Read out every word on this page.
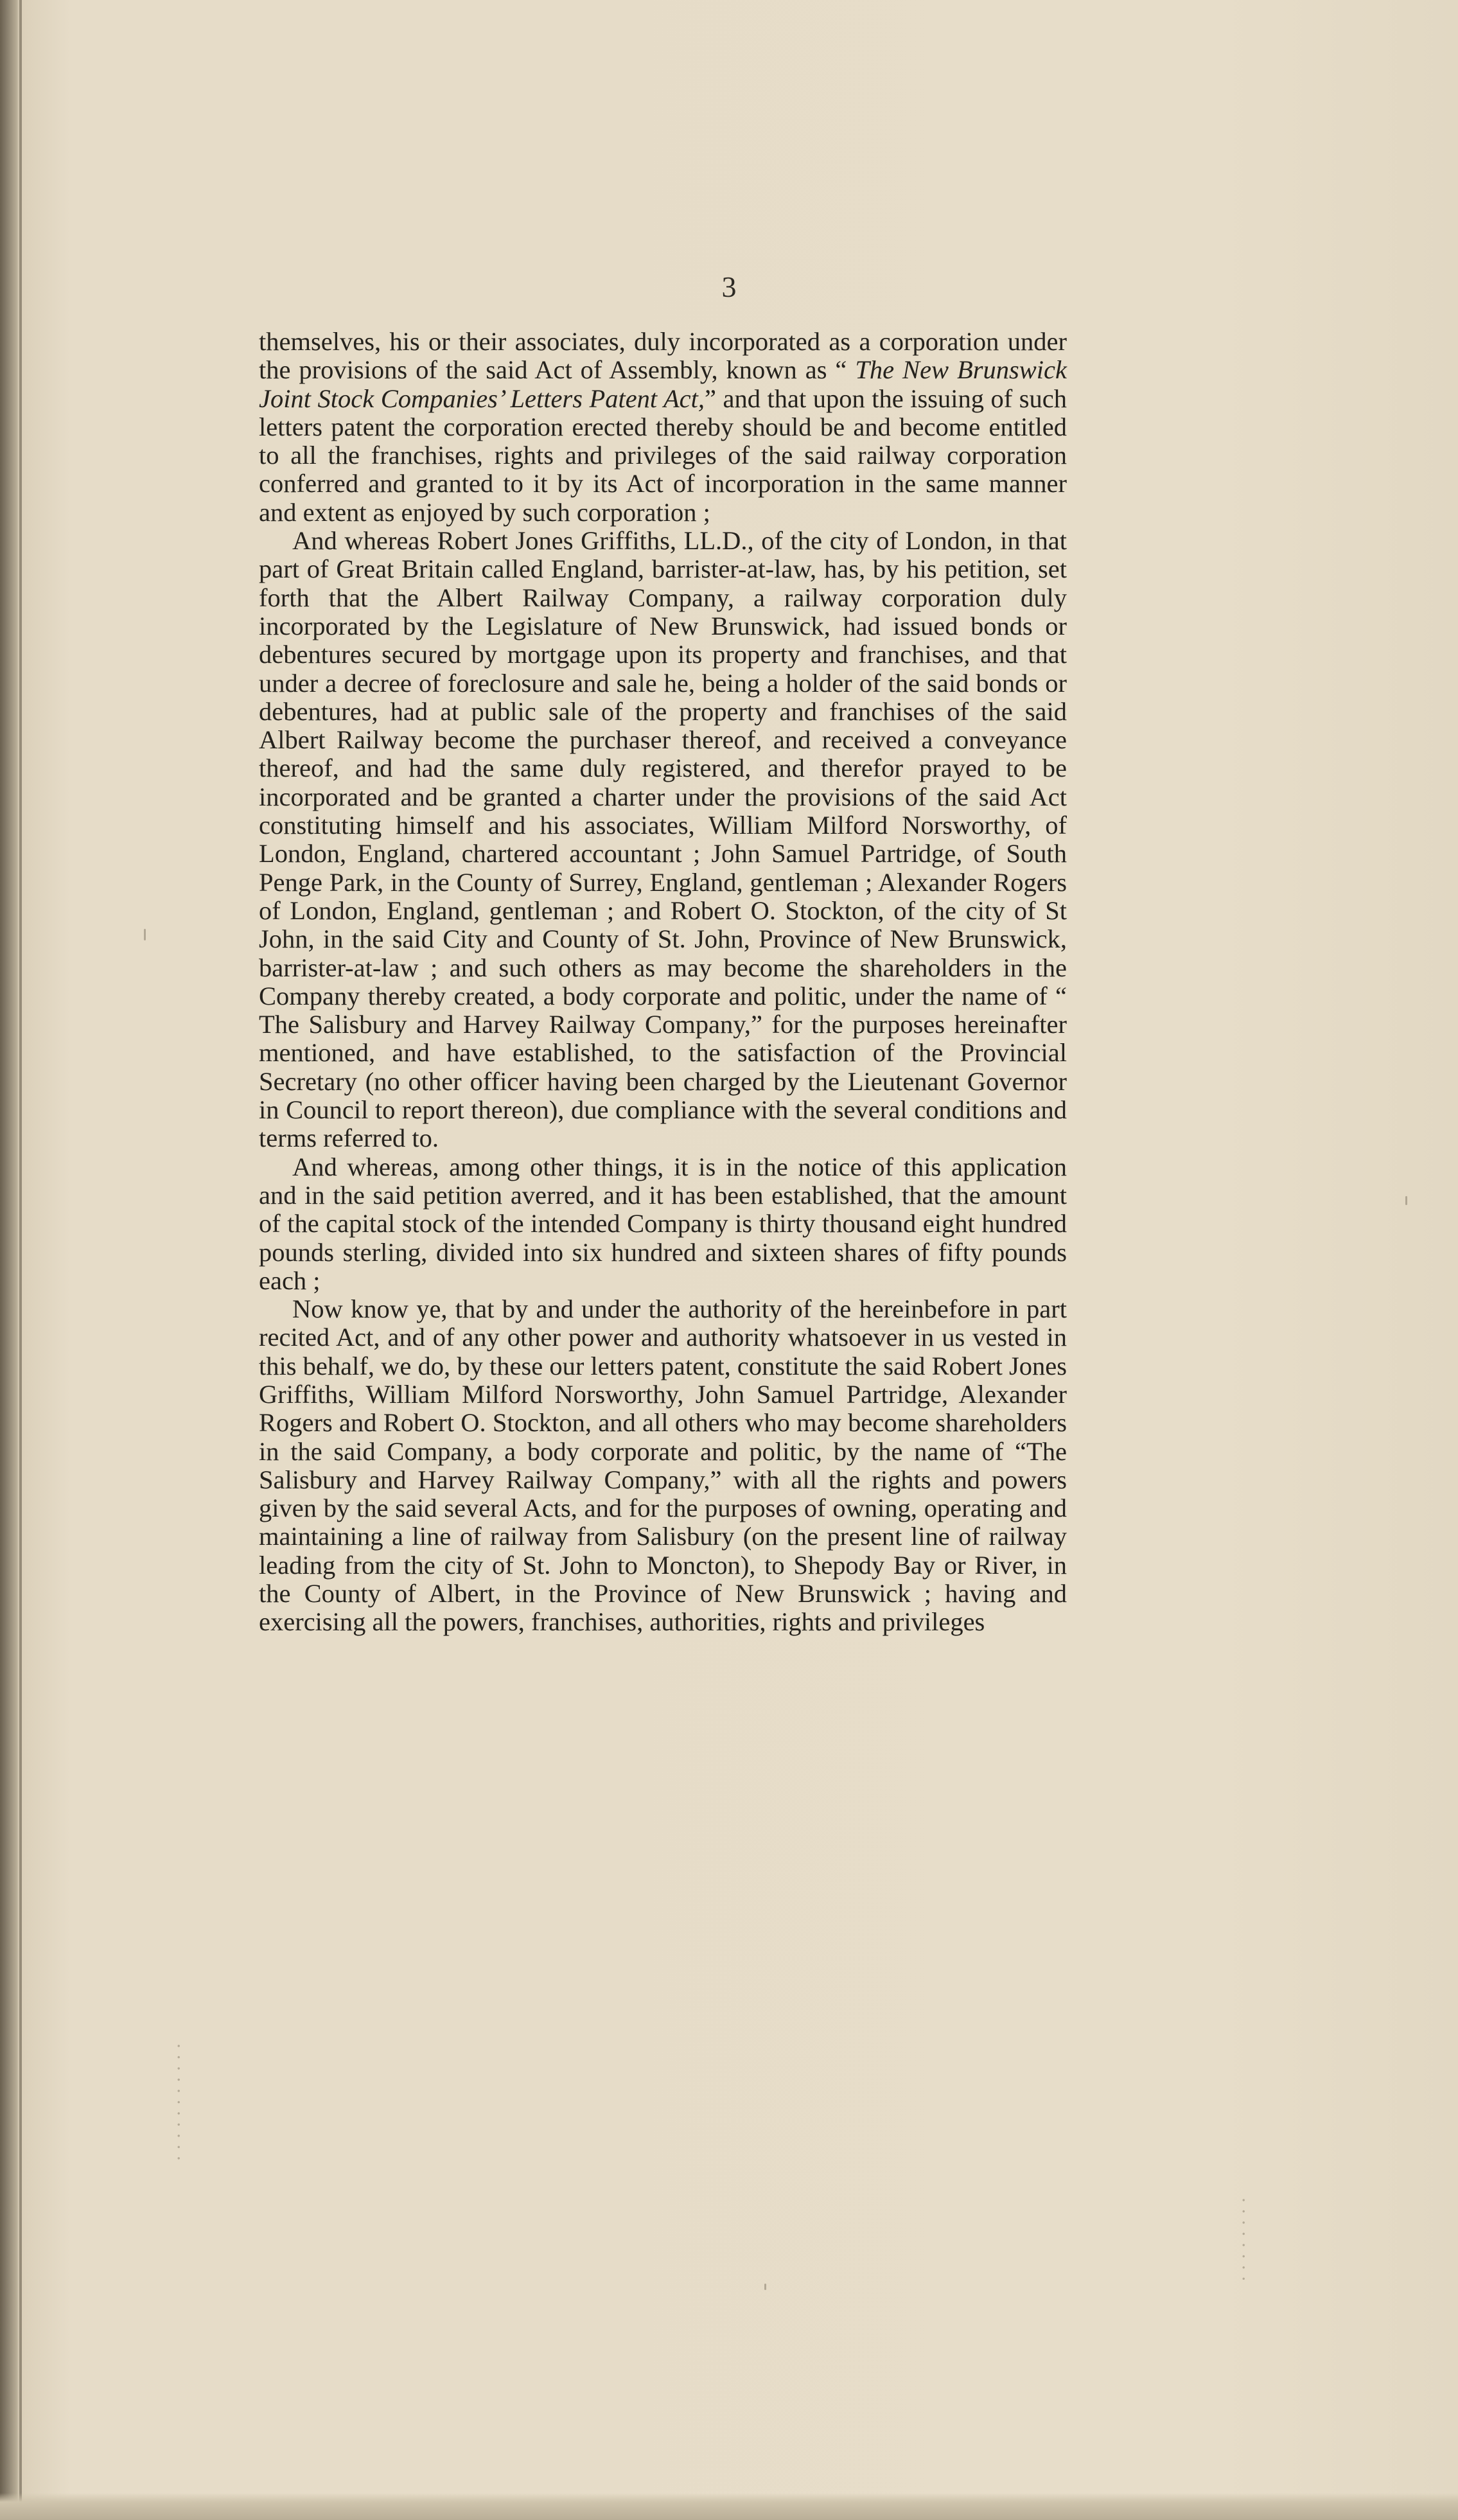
· · · · · · · · · · ·
· · · · · · · ·
3

themselves, his or their associates, duly incorporated as a corporation under the provisions of the said Act of Assembly, known as “ The New Brunswick Joint Stock Companies’ Letters Patent Act,” and that upon the issuing of such letters patent the corporation erected thereby should be and become entitled to all the franchises, rights and privileges of the said railway corporation conferred and granted to it by its Act of incorporation in the same manner and extent as enjoyed by such corporation ;

And whereas Robert Jones Griffiths, LL.D., of the city of London, in that part of Great Britain called England, barrister-at-law, has, by his petition, set forth that the Albert Railway Company, a railway corporation duly incorporated by the Legislature of New Brunswick, had issued bonds or debentures secured by mortgage upon its property and franchises, and that under a decree of foreclosure and sale he, being a holder of the said bonds or debentures, had at public sale of the property and franchises of the said Albert Railway become the purchaser thereof, and received a conveyance thereof, and had the same duly registered, and therefor prayed to be incorporated and be granted a charter under the provisions of the said Act constituting himself and his associates, William Milford Norsworthy, of London, England, chartered accountant ; John Samuel Partridge, of South Penge Park, in the County of Surrey, England, gentleman ; Alexander Rogers of London, England, gentleman ; and Robert O. Stockton, of the city of St John, in the said City and County of St. John, Province of New Brunswick, barrister-at-law ; and such others as may become the shareholders in the Company thereby created, a body corporate and politic, under the name of “ The Salisbury and Harvey Railway Company,” for the purposes hereinafter mentioned, and have established, to the satisfaction of the Provincial Secretary (no other officer having been charged by the Lieutenant Governor in Council to report thereon), due compliance with the several conditions and terms referred to.

And whereas, among other things, it is in the notice of this application and in the said petition averred, and it has been established, that the amount of the capital stock of the intended Company is thirty thousand eight hundred pounds sterling, divided into six hundred and sixteen shares of fifty pounds each ;

Now know ye, that by and under the authority of the hereinbefore in part recited Act, and of any other power and authority whatsoever in us vested in this behalf, we do, by these our letters patent, constitute the said Robert Jones Griffiths, William Milford Norsworthy, John Samuel Partridge, Alexander Rogers and Robert O. Stockton, and all others who may become shareholders in the said Company, a body corporate and politic, by the name of “The Salisbury and Harvey Railway Company,” with all the rights and powers given by the said several Acts, and for the purposes of owning, operating and maintaining a line of railway from Salisbury (on the present line of railway leading from the city of St. John to Moncton), to Shepody Bay or River, in the County of Albert, in the Province of New Brunswick ; having and exercising all the powers, franchises, authorities, rights and privileges
